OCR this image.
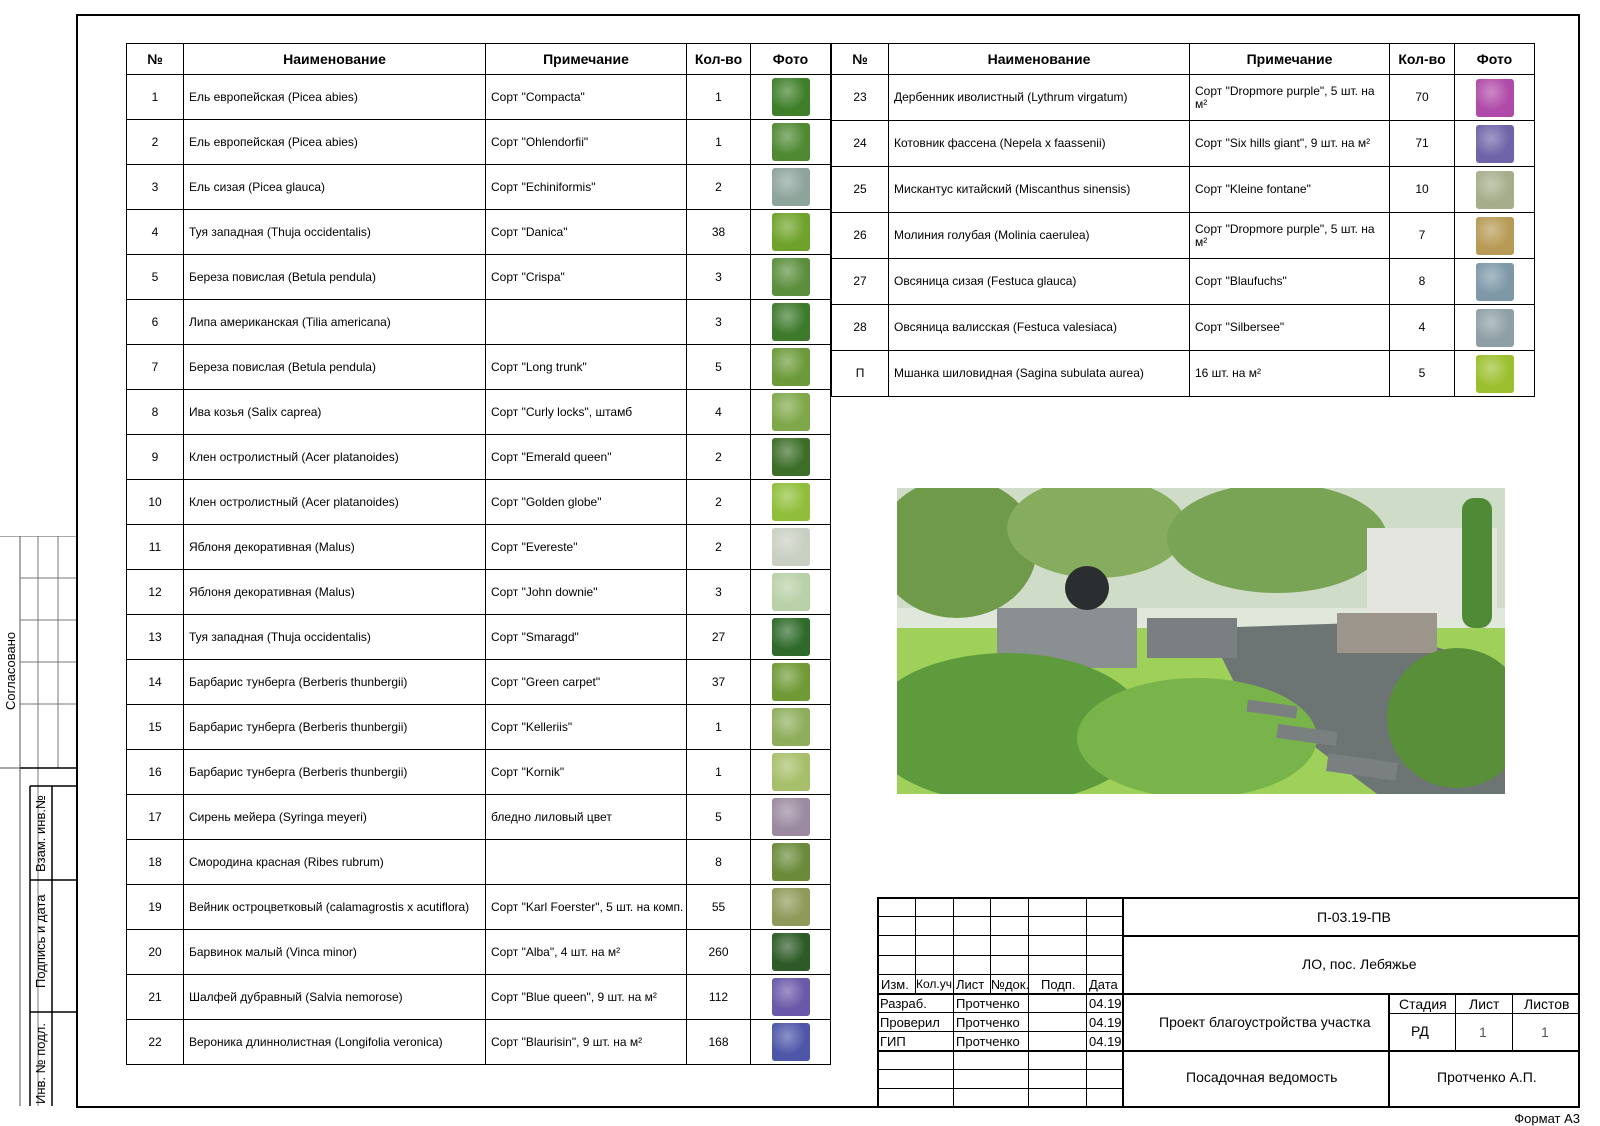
№	Наименование	Примечание	Кол-во	Фото
1	Ель европейская (Picea abies)	Сорт "Compacta"	1	
2	Ель европейская (Picea abies)	Сорт "Ohlendorfii"	1	
3	Ель сизая (Picea glauca)	Сорт "Echiniformis"	2	
4	Туя западная (Thuja occidentalis)	Сорт "Danica"	38	
5	Береза повислая (Betula pendula)	Сорт "Crispa"	3	
6	Липа американская (Tilia americana)		3	
7	Береза повислая (Betula pendula)	Сорт "Long trunk"	5	
8	Ива козья (Salix caprea)	Сорт "Curly locks", штамб	4	
9	Клен остролистный (Acer platanoides)	Сорт "Emerald queen"	2	
10	Клен остролистный (Acer platanoides)	Сорт "Golden globe"	2	
11	Яблоня декоративная (Malus)	Сорт "Evereste"	2	
12	Яблоня декоративная (Malus)	Сорт "John downie"	3	
13	Туя западная (Thuja occidentalis)	Сорт "Smaragd"	27	
14	Барбарис тунберга (Berberis thunbergii)	Сорт "Green carpet"	37	
15	Барбарис тунберга (Berberis thunbergii)	Сорт "Kelleriis"	1	
16	Барбарис тунберга (Berberis thunbergii)	Сорт "Kornik"	1	
17	Сирень мейера (Syringa meyeri)	бледно лиловый цвет	5	
18	Смородина красная (Ribes rubrum)		8	
19	Вейник остроцветковый (calamagrostis x acutiflora)	Сорт "Karl Foerster", 5 шт. на комп.	55	
20	Барвинок малый (Vinca minor)	Сорт "Alba", 4 шт. на м²	260	
21	Шалфей дубравный (Salvia nemorose)	Сорт "Blue queen", 9 шт. на м²	112	
22	Вероника длиннолистная (Longifolia veronica)	Сорт "Blaurisin", 9 шт. на м²	168	
№	Наименование	Примечание	Кол-во	Фото
23	Дербенник иволистный (Lythrum virgatum)	Сорт "Dropmore purple", 5 шт. на м²	70	
24	Котовник фассена (Nepela x faassenii)	Сорт "Six hills giant", 9 шт. на м²	71	
25	Мискантус китайский (Miscanthus sinensis)	Сорт "Kleine fontane"	10	
26	Молиния голубая (Molinia caerulea)	Сорт "Dropmore purple", 5 шт. на м²	7	
27	Овсяница сизая (Festuca glauca)	Сорт "Blaufuchs"	8	
28	Овсяница валисская (Festuca valesiaca)	Сорт "Silbersee"	4	
П	Мшанка шиловидная (Sagina subulata aurea)	16 шт. на м²	5	
Согласовано
Взам. инв.№
Подпись и дата
Инв. № подл.
Изм. Кол.уч. Лист №док. Подп. Дата
Разраб. Протченко	04.19
Проверил Протченко	04.19
ГИП	Протченко	04.19
П-03.19-ПВ
ЛО, пос. Лебяжье
Проект благоустройства участка
Посадочная ведомость	Протченко А.П.
Стадия Лист Листов
РД	1	1
Формат А3
